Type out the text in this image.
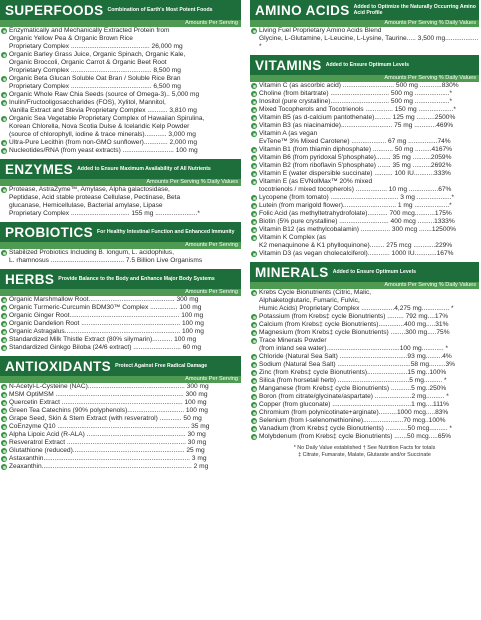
SUPERFOODS Combination of Earth's Most Potent Foods
Amounts Per Serving
Enzymatically and Mechanically Extracted Protein from
Organic Yellow Pea & Organic Brown Rice
Proprietary Complex ........................................... 26,000 mg
Organic Barley Grass Juice, Organic Spinach, Organic Kale,
Organic Broccoli, Organic Carrot & Organic Beet Root
Proprietary Complex ............................................ 8,500 mg
Organic Beta Glucan Soluble Oat Bran / Soluble Rice Bran
Proprietary Complex ............................................ 6,500 mg
Organic Whole Raw Chia Seeds (source of Omega-3).. 5,000 mg
Inulin/Fructooligosaccharides (FOS), Xylitol, Mannitol,
Vanilla Extract and Stevia Proprietary Complex ........... 3,810 mg
Organic Sea Vegetable Proprietary Complex of Hawaiian Spirulina,
Korean Chlorella, Nova Scotia Dulse & Icelandic Kelp Powder
(source of chlorophyll, iodine & trace minerals)............ 3,000 mg
Ultra-Pure Lecithin (from non-GMO sunflower)............. 2,000 mg
Nucleotides/RNA (from yeast extracts) ............................ 100 mg
ENZYMES Added to Ensure Maximum Availability of All Nutrients
Amounts Per Serving % Daily Values
Protease, AstraZyme™, Amylase, Alpha galactosidase,
Peptidase, Acid stable protease Cellulase, Pectinase, Beta
glucanase, Hemicellulase, Bacterial amylase, Lipase
Proprietary Complex ................................ 155 mg .......................*
PROBIOTICS For Healthy Intestinal Function and Enhanced Immunity
Amounts Per Serving
Stabilized Probiotics Including B. longum, L. acidophilus,
L. rhamnosus ........................................ 7.5 Billion Live Organisms
HERBS Provide Balance to the Body and Enhance Major Body Systems
Amounts Per Serving
Organic Marshmallow Root............................................... 300 mg
Organic Turmeric-Curcumin BDM30™ Complex ............... 100 mg
Organic Ginger Root............................................................ 100 mg
Organic Dandelion Root ...................................................... 100 mg
Organic Astragalus............................................................... 100 mg
Standardized Milk Thistle Extract (80% silymarin)........... 100 mg
Standardized Ginkgo Biloba (24/6 extract) .......................... 60 mg
ANTIOXIDANTS Protect Against Free Radical Damage
Amounts Per Serving
N-Acetyl-L-Cysteine (NAC)..................................................... 300 mg
MSM OptiMSM ...................................................................... 300 mg
Quercetin Extract .................................................................. 100 mg
Green Tea Catechins (90% polyphenols)............................... 100 mg
Grape Seed, Skin & Stem Extract (with resveratrol) ............ 50 mg
CoEnzyme Q10 ........................................................................ 35 mg
Alpha Lipoic Acid (R-ALA) ...................................................... 30 mg
Resveratrol Extract ................................................................. 30 mg
Glutathione (reduced)............................................................. 25 mg
Astaxanthin................................................................................ 3 mg
Zeaxanthin.................................................................................. 2 mg
AMINO ACIDS Added to Optimize the Naturally Occurring Amino Acid Profile
Amounts Per Serving % Daily Values
Living Fuel Proprietary Amino Acids Blend
Glycine, L-Glutamine, L-Leucine, L-Lysine, Taurine..... 3,500 mg.................. *
VITAMINS Added to Ensure Optimum Levels
Amounts Per Serving % Daily Values
Vitamin C (as ascorbic acid) ............................ 500 mg ............830%
Choline (from bitartrate) ................................ 500 mg ...................*
Inositol (pure crystalline)................................ 500 mg ...................*
Mixed Tocopherols and Tocotrienols ............... 150 mg ...................*
Vitamin B5 (as d-calcium pantothenate)......... 125 mg ..........2500%
Vitamin B3 (as niacinamide)............................ 75 mg ............469%
Vitamin A (as vegan
EvTene™ 3% Mixed Carotene) ................... 67 mg ................74%
Vitamin B1 (from thiamin diphosphate) ........... 50 mg .........4167%
Vitamin B6 (from pyridoxal 5'phosphate)........ 35 mg ..........2059%
Vitamin B2 (from riboflavin 5'phosphate) ....... 35 mg ..........2692%
Vitamin E (water dispersible succinate) .......... 100 IU...........333%
Vitamin E (as EVNolMax™ 20% mixed
tocotrienols / mixed tocopherols) ................. 10 mg ................67%
Lycopene (from tomato) ..................................... 3 mg ...................*
Lutein (from marigold flower)............................. 1 mg ...................*
Folic Acid (as methyltetrahydrofolate)........... 700 mcg...........175%
Biotin (5% pure crystalline) ........................... 400 mcg .........1333%
Vitamin B12 (as methylcobalamin) ................ 300 mcg .......12500%
Vitamin K Complex (as
K2 menaquinone & K1 phylloquinone)........ 275 mcg ............229%
Vitamin D3 (as vegan cholecalciferol)............ 1000 IU............167%
MINERALS Added to Ensure Optimum Levels
Amounts Per Serving % Daily Values
Krebs Cycle Bionutrients (Citric, Malic,
Alphaketoglutaric, Fumaric, Fulvic,
Humic Acids) Proprietary Complex ..................4,275 mg............... *
Potassium (from Krebs‡ cycle Bionutrients) ......... 792 mg....17%
Calcium (from Krebs‡ cycle Bionutrients)..............400 mg.....31%
Magnesium (from Krebs‡ cycle Bionutrients) ........300 mg.....75%
Trace Minerals Powder
(from inland sea water)........................................100 mg............ *
Chloride (Natural Sea Salt) .....................................93 mg.........4%
Sodium (Natural Sea Salt) ........................................58 mg.........3%
Zinc (from Krebs‡ cycle Bionutrients)......................15 mg..100%
Silica (from horsetail herb) .......................................5 mg.......... *
Manganese (from Krebs‡ cycle Bionutrients) ...........5 mg..250%
Boron (from citrate/glycinate/aspartate) ....................2 mg.......... *
Copper (from gluconate) ...........................................1 mg....111%
Chromium (from polynicotinate+arginate)..........1000 mcg.....83%
Selenium (from l-selenomethionine)......................70 mcg..100%
Vanadium (from Krebs‡ cycle Bionutrients) ............50 mcg.......... *
Molybdenum (from Krebs‡ cycle Bionutrients) .......50 mcg.....65%
* No Daily Value established † See Nutrition Facts for totals
‡ Citrate, Fumarate, Malate, Glutarate and/or Succinate
